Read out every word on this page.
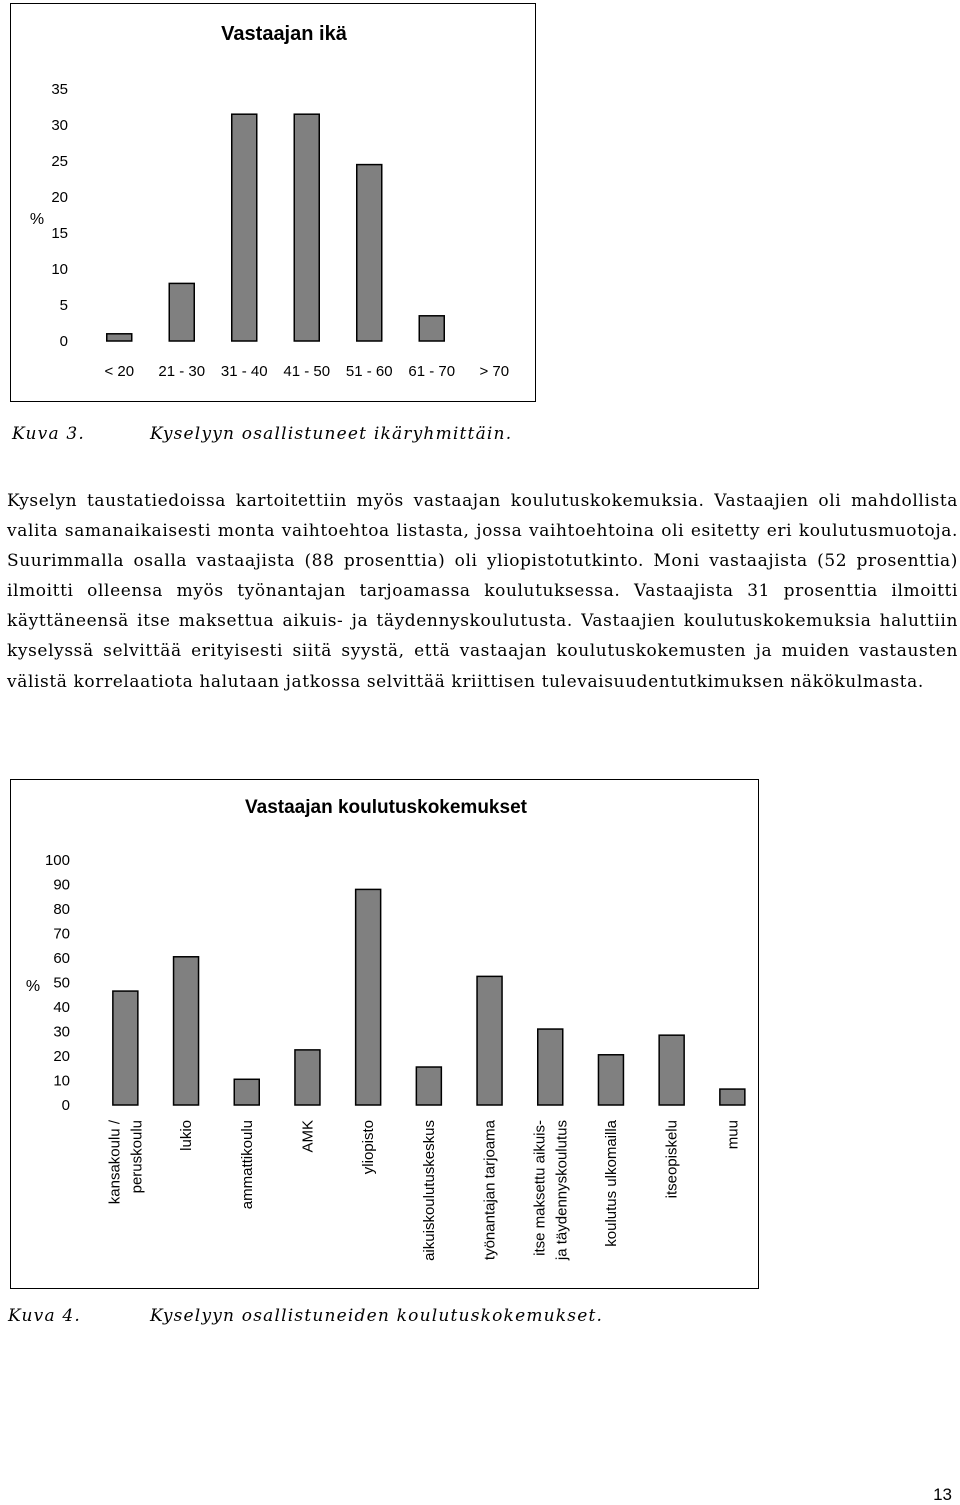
Vastaajan ikä
%
0
5
10
15
20
25
30
35
< 20 21 - 30 31 - 40 41 - 50 51 - 60 61 - 70 > 70
Kuva 3.	Kyselyyn osallistuneet ikäryhmittäin.

Kyselyn taustatiedoissa kartoitettiin myös vastaajan koulutuskokemuksia. Vastaajien oli mahdollista valita samanaikaisesti monta vaihtoehtoa listasta, jossa vaihtoehtoina oli esitetty eri koulutusmuotoja. Suurimmalla osalla vastaajista (88 prosenttia) oli yliopistotutkinto. Moni vastaajista (52 prosenttia) ilmoitti olleensa myös työnantajan tarjoamassa koulutuksessa. Vastaajista 31 prosenttia ilmoitti käyttäneensä itse maksettua aikuis- ja täydennyskoulutusta. Vastaajien koulutuskokemuksia haluttiin kyselyssä selvittää erityisesti siitä syystä, että vastaajan koulutuskokemusten ja muiden vastausten välistä korrelaatiota halutaan jatkossa selvittää kriittisen tulevaisuudentutkimuksen näkökulmasta.

Vastaajan koulutuskokemukset
%
0
10
20
30
40
50
60
70
80
90
100
kansakoulu / peruskoulu lukio	ammattikoulu	AMK	yliopisto	aikuiskoulutuskeskus	työnantajan tarjoama itse maksettu aikuis- ja täydennyskoulutus koulutus ulkomailla	itseopiskelu	muu
Kuva 4.	Kyselyyn osallistuneiden koulutuskokemukset.
13
